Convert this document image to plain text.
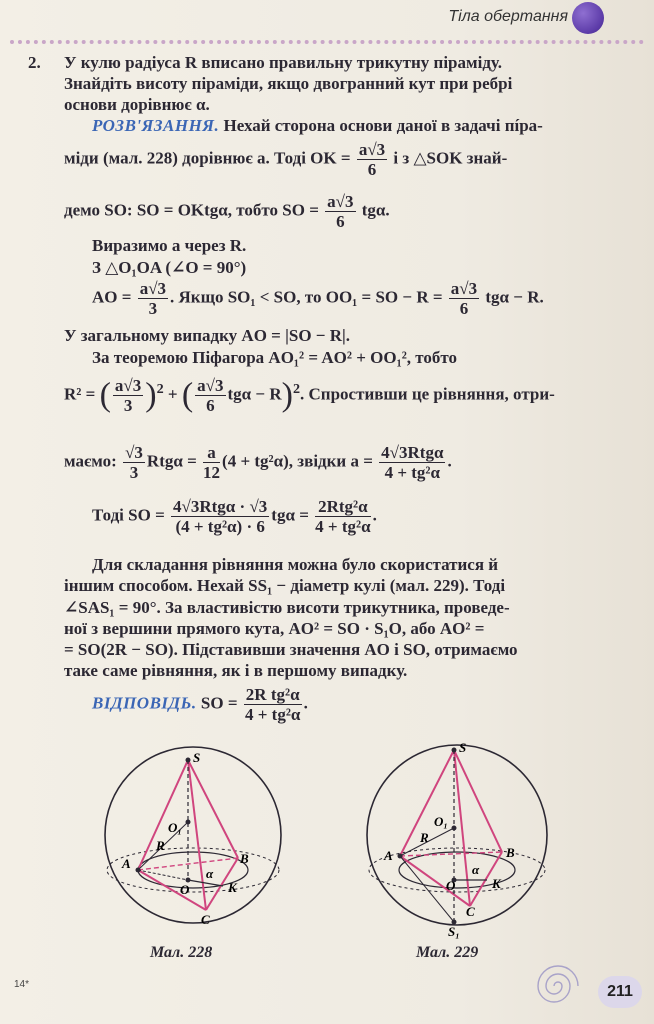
Тіла обертання
2. У кулю радіуса R вписано правильну трикутну піраміду.
Знайдіть висоту піраміди, якщо двогранний кут при ребрі
основи дорівнює α.
РОЗВ'ЯЗАННЯ. Нехай сторона основи даної в задачі пíра-
міди (мал. 228) дорівнює a. Тоді OK = $\frac{a√3}{6}$ і з △SOK знай-
демо SO: SO = OKtgα, тобто SO = $\frac{a√3}{6} tg\alpha$.
Виразимо a через R.
З △O₁OA (∠O = 90°)
AO = $\frac{a√3}{3}$ . Якщо SO₁ < SO, то OO₁ = SO − $R = \frac{a√3}{6}$ tgα − R.
У загальному випадку AO = |SO − R|.
За теоремою Піфагора AO₁² = AO² + OO₁², тобто
R² = ( $\frac{a√3}{3} )^2$ + ( $\frac{a√3}{6}$ tgα − R)$^2$. Спростивши це рівняння, отри-
маємо: $\frac{√3}{3}$ $Rtg\alpha = \frac{a}{12} (4 + tg^2\alpha)$, звідки $a = \frac{\text{4√3Rtgα}}{\text{4 + tg²α}}$ .
Тоді SO = $\frac{\text{4√3Rtgα · √3}}{\text{(4 + tg²α) · 6}}$ $tg\alpha = \frac{\text{2Rtg²α}}{\text{4 + tg²α}}$ .
Для складання рівняння можна було скористатися й
іншим способом. Нехай SS₁ − діаметр кулі (мал. 229). Тоді
∠SAS₁ = 90°. За властивістю висоти трикутника, проведе-
ної з вершини прямого кута, AO² = SO · S₁O, або AO² =
= SO(2R − SO). Підставивши значення AO і SO, отримаємо
таке саме рівняння, як і в першому випадку.
ВІДПОВІДЬ. SO = $\frac{\text{2R tg²α}}{\text{4 + tg²α}}$ .
S
O₁
R
A	B
O
α
K
C
Мал. 228
S
O₁
R
A	B
O
α
K
C
S₁
Мал. 229
14*	211
